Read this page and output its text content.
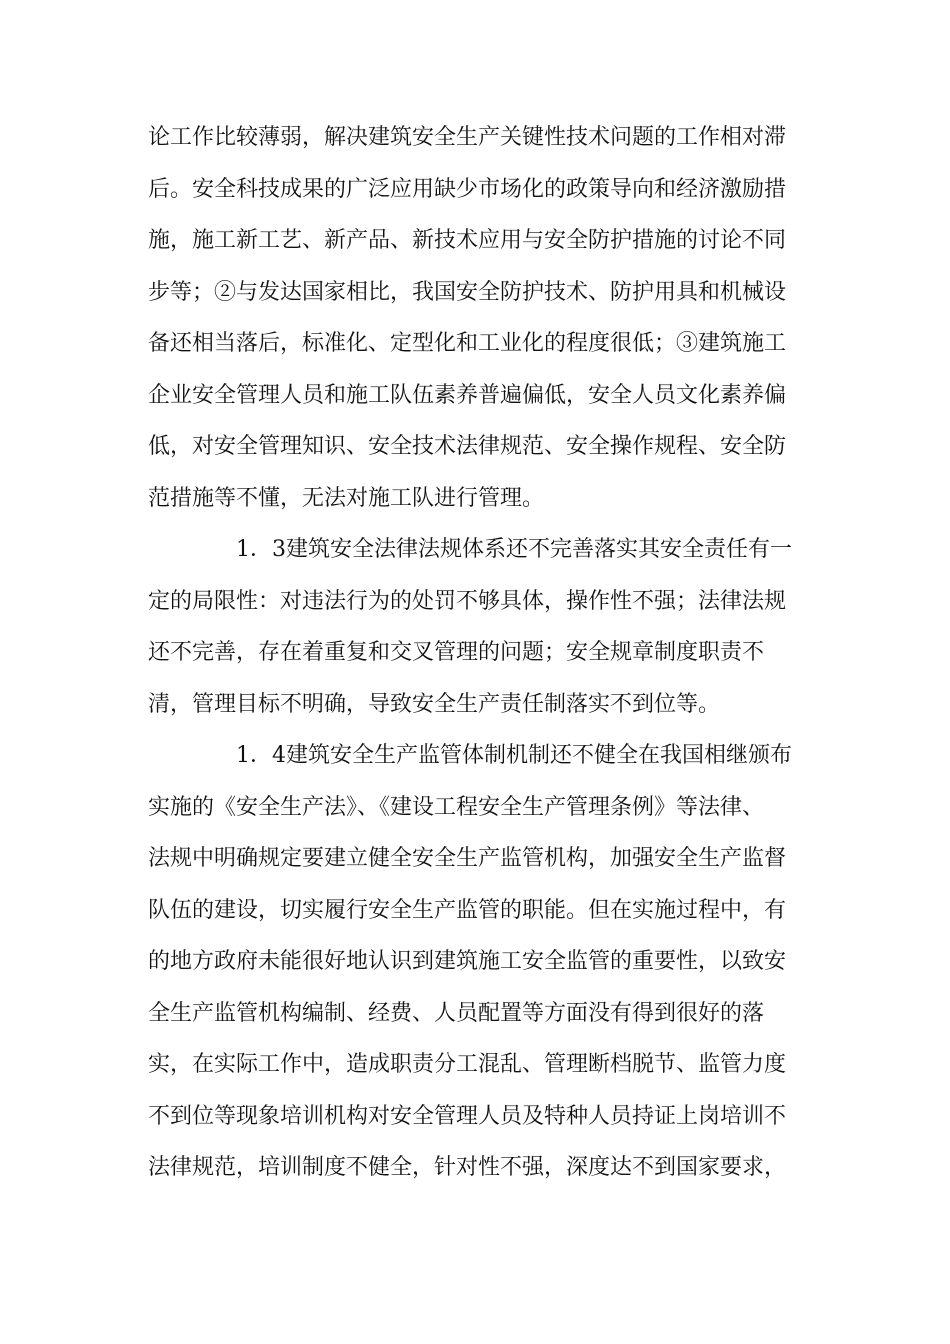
论工作比较薄弱，解决建筑安全生产关键性技术问题的工作相对滞
后。安全科技成果的广泛应用缺少市场化的政策导向和经济激励措
施，施工新工艺、新产品、新技术应用与安全防护措施的讨论不同
步等；②与发达国家相比，我国安全防护技术、防护用具和机械设
备还相当落后，标准化、定型化和工业化的程度很低；③建筑施工
企业安全管理人员和施工队伍素养普遍偏低，安全人员文化素养偏
低，对安全管理知识、安全技术法律规范、安全操作规程、安全防
范措施等不懂，无法对施工队进行管理。
1．3建筑安全法律法规体系还不完善落实其安全责任有一
定的局限性：对违法行为的处罚不够具体，操作性不强；法律法规
还不完善，存在着重复和交叉管理的问题；安全规章制度职责不
清，管理目标不明确，导致安全生产责任制落实不到位等。
1．4建筑安全生产监管体制机制还不健全在我国相继颁布
实施的《安全生产法》、《建设工程安全生产管理条例》等法律、
法规中明确规定要建立健全安全生产监管机构，加强安全生产监督
队伍的建设，切实履行安全生产监管的职能。但在实施过程中，有
的地方政府未能很好地认识到建筑施工安全监管的重要性，以致安
全生产监管机构编制、经费、人员配置等方面没有得到很好的落
实，在实际工作中，造成职责分工混乱、管理断档脱节、监管力度
不到位等现象培训机构对安全管理人员及特种人员持证上岗培训不
法律规范，培训制度不健全，针对性不强，深度达不到国家要求，
